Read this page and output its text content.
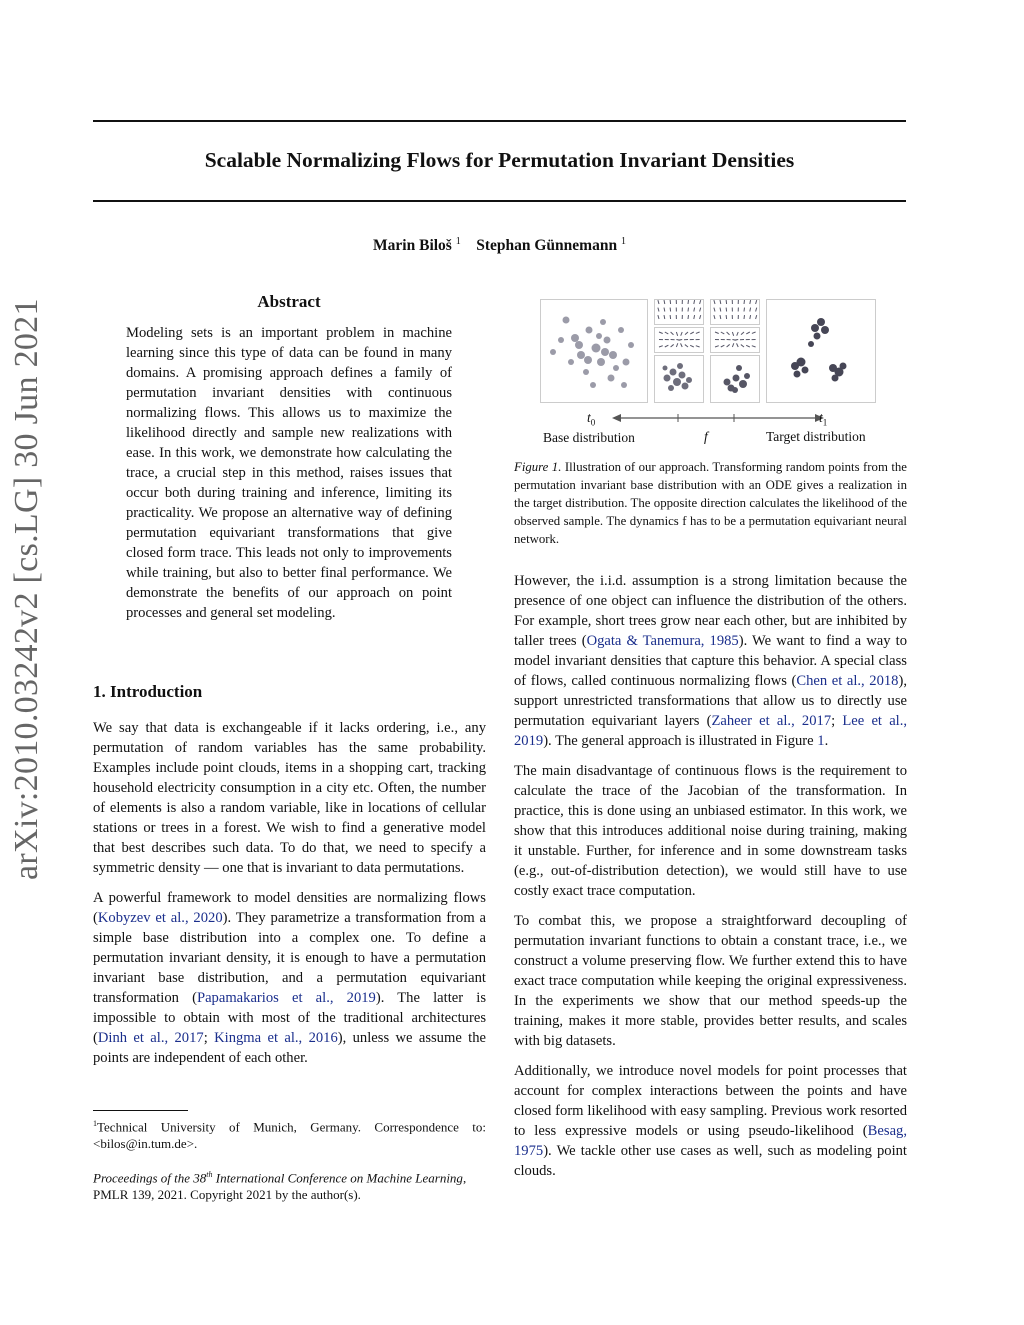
arXiv:2010.03242v2 [cs.LG] 30 Jun 2021
Scalable Normalizing Flows for Permutation Invariant Densities
Marin Biloš $^1$ Stephan Günnemann $^1$
Abstract

Modeling sets is an important problem in machine learning since this type of data can be found in many domains. A promising approach defines a family of permutation invariant densities with continuous normalizing flows. This allows us to maximize the likelihood directly and sample new realizations with ease. In this work, we demonstrate how calculating the trace, a crucial step in this method, raises issues that occur both during training and inference, limiting its practicality. We propose an alternative way of defining permutation equivariant transformations that give closed form trace. This leads not only to improvements while training, but also to better final performance. We demonstrate the benefits of our approach on point processes and general set modeling.

1. Introduction

We say that data is exchangeable if it lacks ordering, i.e., any permutation of random variables has the same probability. Examples include point clouds, items in a shopping cart, tracking household electricity consumption in a city etc. Often, the number of elements is also a random variable, like in locations of cellular stations or trees in a forest. We wish to find a generative model that best describes such data. To do that, we need to specify a symmetric density — one that is invariant to data permutations.

A powerful framework to model densities are normalizing flows (Kobyzev et al., 2020). They parametrize a transformation from a simple base distribution into a complex one. To define a permutation invariant density, it is enough to have a permutation invariant base distribution, and a permutation equivariant transformation (Papamakarios et al., 2019). The latter is impossible to obtain with most of the traditional architectures (Dinh et al., 2017; Kingma et al., 2016), unless we assume the points are independent of each other.

$^1$Technical University of Munich, Germany. Correspondence to: <bilos@in.tum.de>.
Proceedings of the 38th International Conference on Machine Learning, PMLR 139, 2021. Copyright 2021 by the author(s).
$t_0$	$t_1$
Base distribution	f	Target distribution
Figure 1. Illustration of our approach. Transforming random points from the permutation invariant base distribution with an ODE gives a realization in the target distribution. The opposite direction calculates the likelihood of the observed sample. The dynamics f has to be a permutation equivariant neural network.

However, the i.i.d. assumption is a strong limitation because the presence of one object can influence the distribution of the others. For example, short trees grow near each other, but are inhibited by taller trees (Ogata & Tanemura, 1985). We want to find a way to model invariant densities that capture this behavior. A special class of flows, called continuous normalizing flows (Chen et al., 2018), support unrestricted transformations that allow us to directly use permutation equivariant layers (Zaheer et al., 2017; Lee et al., 2019). The general approach is illustrated in Figure 1.

The main disadvantage of continuous flows is the requirement to calculate the trace of the Jacobian of the transformation. In practice, this is done using an unbiased estimator. In this work, we show that this introduces additional noise during training, making it unstable. Further, for inference and in some downstream tasks (e.g., out-of-distribution detection), we would still have to use costly exact trace computation.

To combat this, we propose a straightforward decoupling of permutation invariant functions to obtain a constant trace, i.e., we construct a volume preserving flow. We further extend this to have exact trace computation while keeping the original expressiveness. In the experiments we show that our method speeds-up the training, makes it more stable, provides better results, and scales with big datasets.

Additionally, we introduce novel models for point processes that account for complex interactions between the points and have closed form likelihood with easy sampling. Previous work resorted to less expressive models or using pseudo-likelihood (Besag, 1975). We tackle other use cases as well, such as modeling point clouds.
